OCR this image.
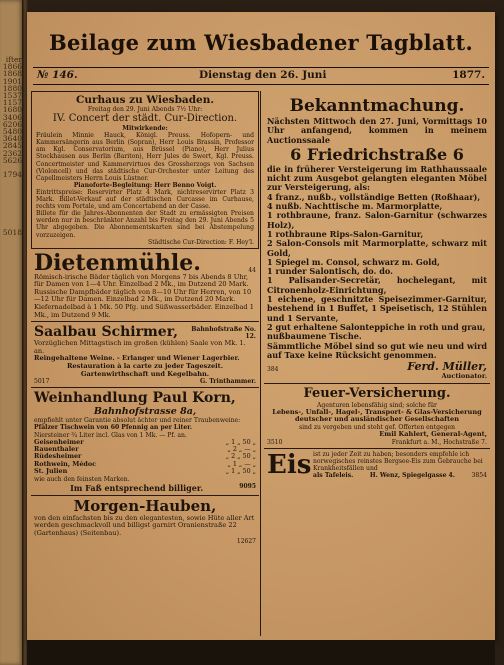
ifter
1866
1868
1901
1880
1537
1157
1680
3406
6206
5480
3640
2845
2362
5626

1794

5018

Beilage zum Wiesbadener Tagblatt.
№ 146.	Dienstag den 26. Juni	1877.
Curhaus zu Wiesbaden.
Freitag den 29. Juni Abends 7½ Uhr:
IV. Concert der städt. Cur-Direction.
Mitwirkende:
Fräulein Minnie Hauck, Königl. Preuss. Hofopern- und Kammersängerin aus Berlin (Sopran), Herr Louis Brassin, Professor am Kgl. Conservatorium, aus Brüssel (Piano), Herr Julius Stockhausen aus Berlin (Bariton), Herr Jules de Swert, Kgl. Preuss. Concertmeister und Kammervirtuos des Grossherzogs von Sachsen (Violoncell) und das städtische Cur-Orchester unter Leitung des Capellmeisters Herrn Louis Lüstner.
Pianoforte-Begleitung: Herr Benno Voigt.
Eintrittspreise: Reservirter Platz 4 Mark, nichtreservirter Platz 3 Mark. Billet-Verkauf auf der städtischen Curcasse im Curhause, rechts vom Portale, und am Concertabend an der Casse.
Billete für die Jahres-Abonnenten der Stadt zu ermässigten Preisen werden nur in beschränkter Anzahl bis Freitag den 29. Juni Abends 5 Uhr abgegeben. Die Abonnementskarten sind bei Abstempelung vorzuzeigen.
Städtische Cur-Direction: F. Hey'l.
Dietenmühle.	44
Römisch-irische Bäder täglich von Morgens 7 bis Abends 8 Uhr, für Damen von 1—4 Uhr. Einzelbad 2 Mk., im Dutzend 20 Mark.
Russische Dampfbäder täglich von 8—10 Uhr für Herren, von 10—12 Uhr für Damen. Einzelbad 2 Mk., im Dutzend 20 Mark.
Kiefernadelbad à 1 Mk. 50 Pfg. und Süßwasserbäder. Einzelbad 1 Mk., im Dutzend 9 Mk.
Saalbau Schirmer,	Bahnhofstraße No. 12.
Vorzüglichen Mittagstisch im großen (kühlen) Saale von Mk. 1. an.
Reingehaltene Weine. - Erlanger und Wiener Lagerbier.
Restauration à la carte zu jeder Tageszeit.
Gartenwirthschaft und Kegelbahn.
5017	G. Trinthammer.
Weinhandlung Paul Korn,
Bahnhofstrasse 8a,
empfiehlt unter Garantie absolut ächter und reiner Traubenweine:
Pfälzer Tischwein von 60 Pfennig an per Liter.
Niersteiner ¾ Liter incl. Glas von 1 Mk. — Pf. an.
Geisenheimer	„ 1 „ 50 „
Rauenthaler	„ 2 „ — „
Rüdesheimer	„ 2 „ 50 „
Rothwein, Médoc	„ 1 „ — „
St. Julien	„ 1 „ 50 „
wie auch den feinsten Marken.
Im Faß entsprechend billiger.	9095
Morgen-Hauben,
von den einfachsten bis zu den elegantesten, sowie Hüte aller Art werden geschmackvoll und billigst garnirt Oranienstraße 22 (Gartenhaus) (Seitenbau).
12627
Bekanntmachung.
Nächsten Mittwoch den 27. Juni, Vormittags 10 Uhr anfangend, kommen in meinem Auctionssaale
6 Friedrichstraße 6
die in früherer Versteigerung im Rathhaussaale nicht zum Ausgebot gelangten eleganten Möbel zur Versteigerung, als:
4 franz., nußb., vollständige Betten (Roßhaar),
4 nußb. Nachttische m. Marmorplatte,
1 rothbraune, franz. Salon-Garnitur (schwarzes Holz),
1 rothbraune Rips-Salon-Garnitur,
2 Salon-Consols mit Marmorplatte, schwarz mit Gold,
1 Spiegel m. Consol, schwarz m. Gold,
1 runder Salontisch, do. do.
1 Palisander-Secretär, hochelegant, mit Citronenholz-Einrichtung,
1 eichene, geschnitzte Speisezimmer-Garnitur, bestehend in 1 Buffet, 1 Speisetisch, 12 Stühlen und 1 Servante,
2 gut erhaltene Salonteppiche in roth und grau,
nußbaumene Tische.
Sämmtliche Möbel sind so gut wie neu und wird auf Taxe keine Rücksicht genommen.
384	Ferd. Müller,
Auctionator.
Feuer-Versicherung.
Agenturen lebensfähig sind; solche für
Lebens-, Unfall-, Hagel-, Transport- & Glas-Versicherung deutscher und ausländischer Gesellschaften
sind zu vergeben und steht gef. Offerten entgegen
Emil Kahlert, General-Agent,
3510	Frankfurt a. M., Hochstraße 7.
Eis ist zu jeder Zeit zu haben; besonders empfehle ich norwegisches reinstes Bergsee-Eis zum Gebrauche bei Krankheitsfällen und
als Tafeleis.	H. Wenz, Spiegelgasse 4.	3854
